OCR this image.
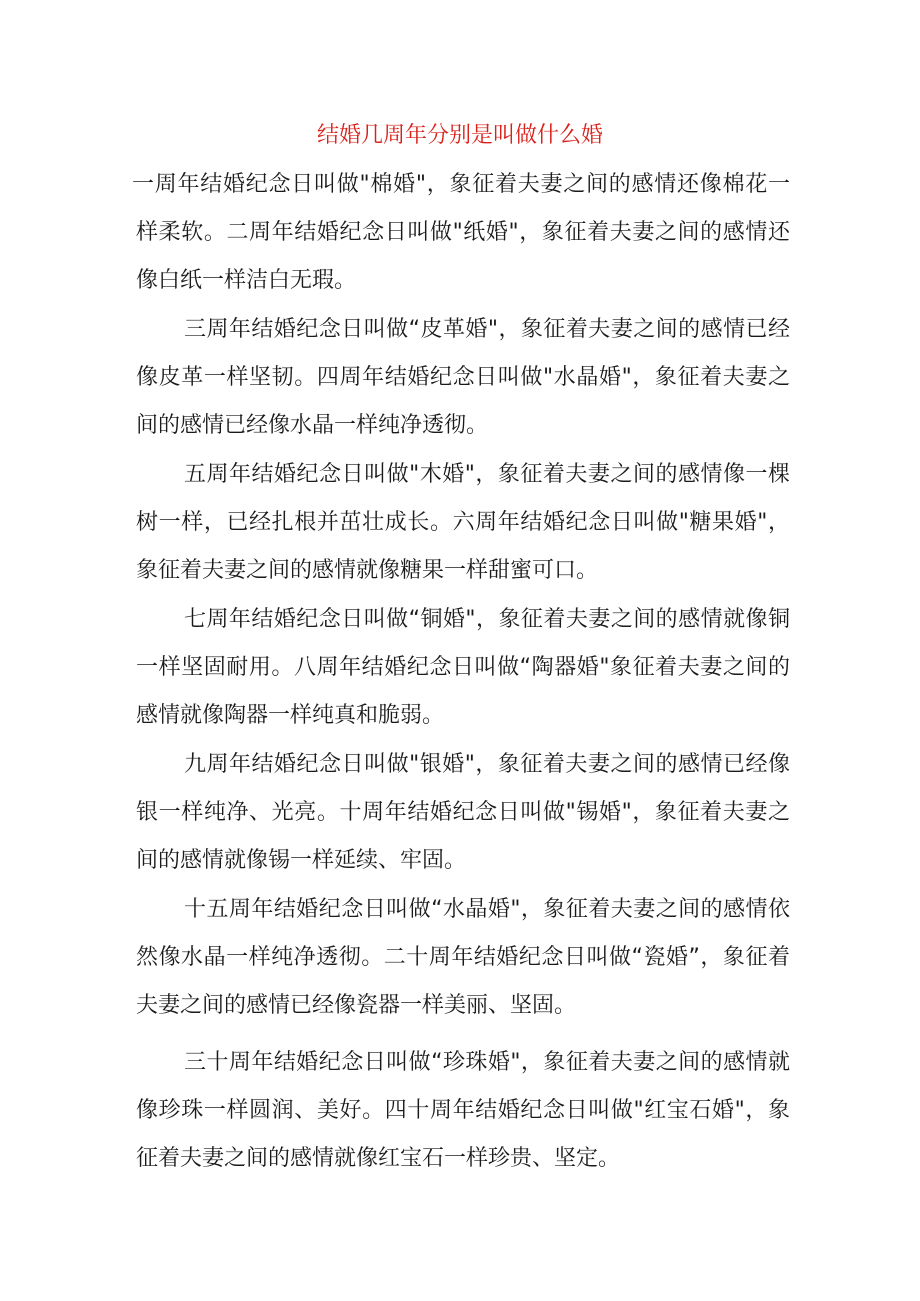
结婚几周年分别是叫做什么婚

一周年结婚纪念日叫做"棉婚"，象征着夫妻之间的感情还像棉花一样柔软。二周年结婚纪念日叫做"纸婚"，象征着夫妻之间的感情还像白纸一样洁白无瑕。

三周年结婚纪念日叫做“皮革婚"，象征着夫妻之间的感情已经像皮革一样坚韧。四周年结婚纪念日叫做"水晶婚"，象征着夫妻之间的感情已经像水晶一样纯净透彻。

五周年结婚纪念日叫做"木婚"，象征着夫妻之间的感情像一棵树一样，已经扎根并茁壮成长。六周年结婚纪念日叫做"糖果婚"，象征着夫妻之间的感情就像糖果一样甜蜜可口。

七周年结婚纪念日叫做“铜婚"，象征着夫妻之间的感情就像铜一样坚固耐用。八周年结婚纪念日叫做“陶器婚"象征着夫妻之间的感情就像陶器一样纯真和脆弱。

九周年结婚纪念日叫做"银婚"，象征着夫妻之间的感情已经像银一样纯净、光亮。十周年结婚纪念日叫做"锡婚"，象征着夫妻之间的感情就像锡一样延续、牢固。

十五周年结婚纪念日叫做“水晶婚"，象征着夫妻之间的感情依然像水晶一样纯净透彻。二十周年结婚纪念日叫做“瓷婚”，象征着夫妻之间的感情已经像瓷器一样美丽、坚固。

三十周年结婚纪念日叫做“珍珠婚"，象征着夫妻之间的感情就像珍珠一样圆润、美好。四十周年结婚纪念日叫做"红宝石婚"，象征着夫妻之间的感情就像红宝石一样珍贵、坚定。
